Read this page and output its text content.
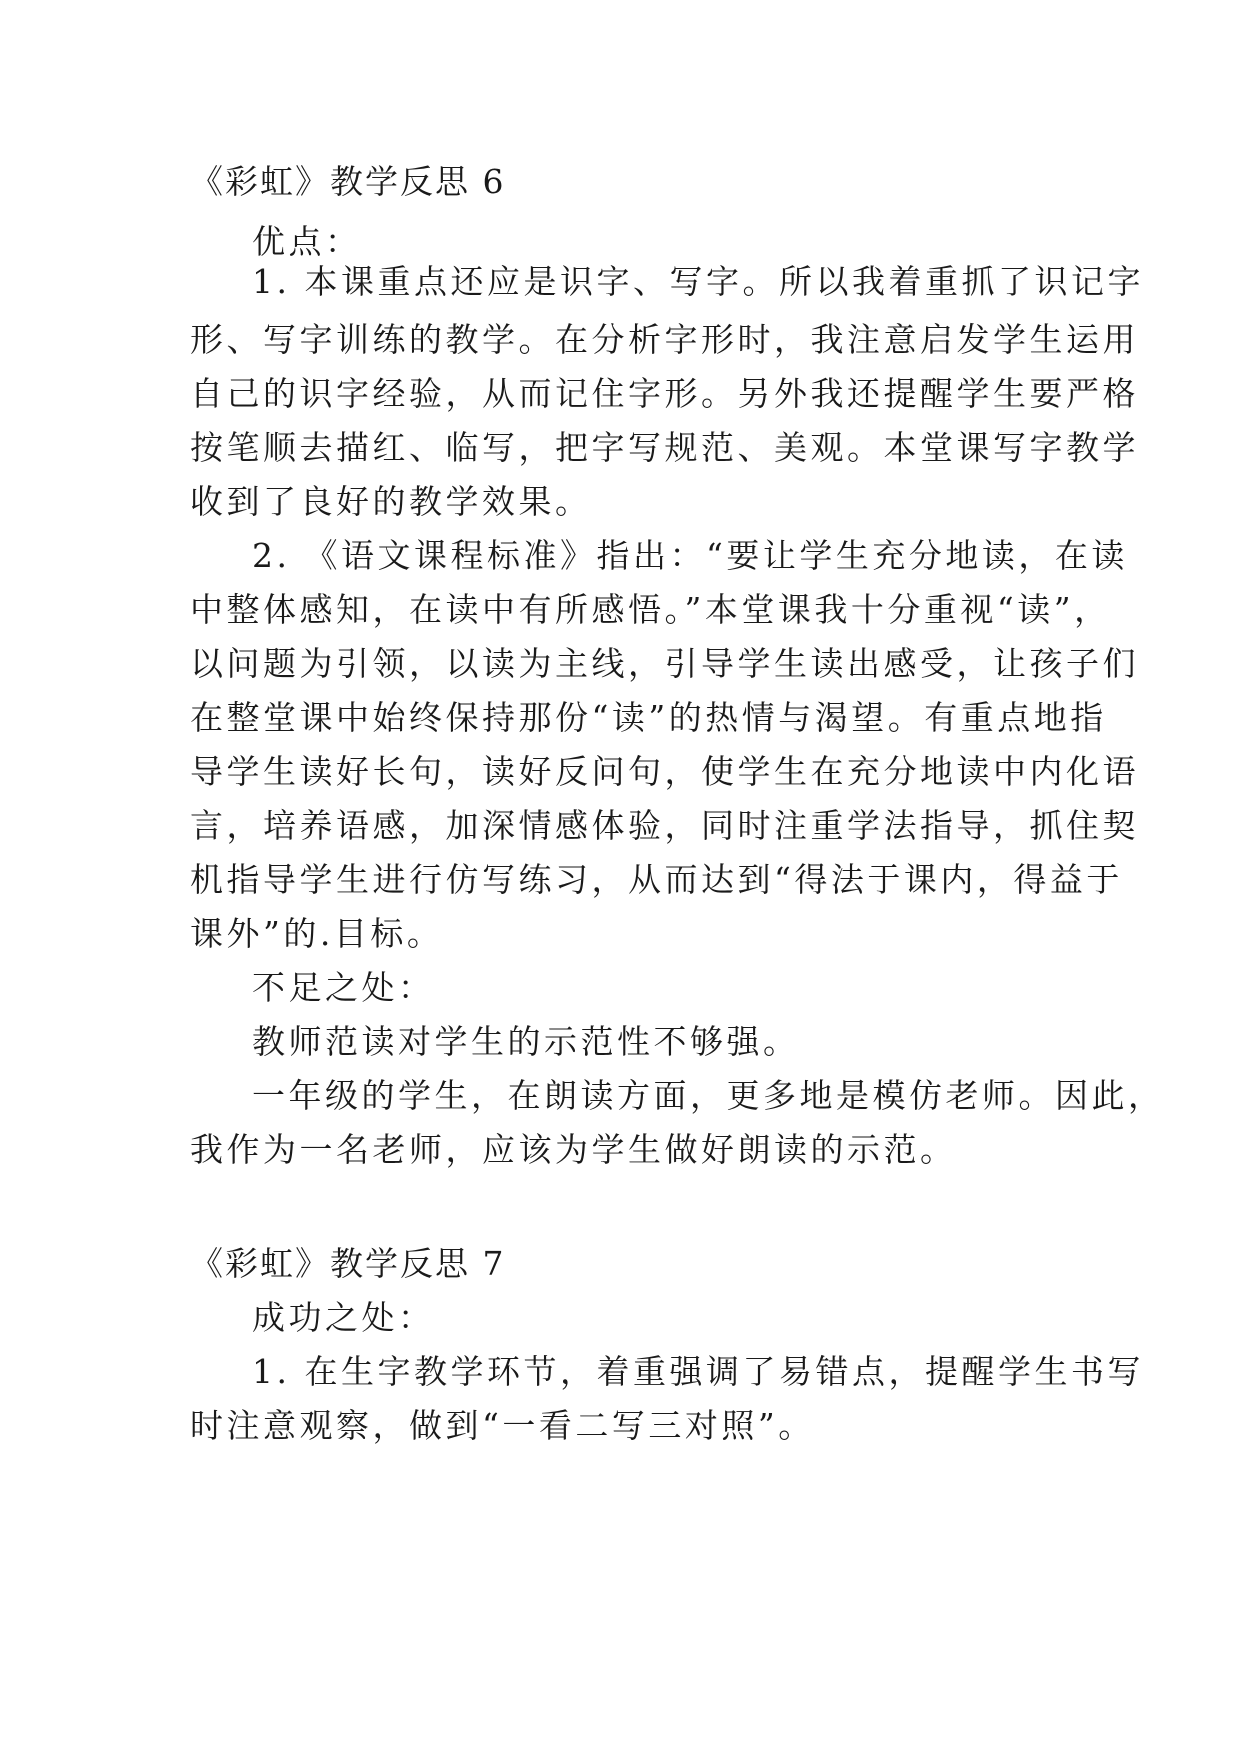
《彩虹》教学反思 6
优点：
1. 本课重点还应是识字、写字。所以我着重抓了识记字
形、写字训练的教学。在分析字形时，我注意启发学生运用
自己的识字经验，从而记住字形。另外我还提醒学生要严格
按笔顺去描红、临写，把字写规范、美观。本堂课写字教学
收到了良好的教学效果。
2. 《语文课程标准》指出：“要让学生充分地读，在读
中整体感知，在读中有所感悟。”本堂课我十分重视“读”，
以问题为引领，以读为主线，引导学生读出感受，让孩子们
在整堂课中始终保持那份“读”的热情与渴望。有重点地指
导学生读好长句，读好反问句，使学生在充分地读中内化语
言，培养语感，加深情感体验，同时注重学法指导，抓住契
机指导学生进行仿写练习，从而达到“得法于课内，得益于
课外”的.目标。
不足之处：
教师范读对学生的示范性不够强。
一年级的学生，在朗读方面，更多地是模仿老师。因此，
我作为一名老师，应该为学生做好朗读的示范。
《彩虹》教学反思 7
成功之处：
1. 在生字教学环节，着重强调了易错点，提醒学生书写
时注意观察，做到“一看二写三对照”。
